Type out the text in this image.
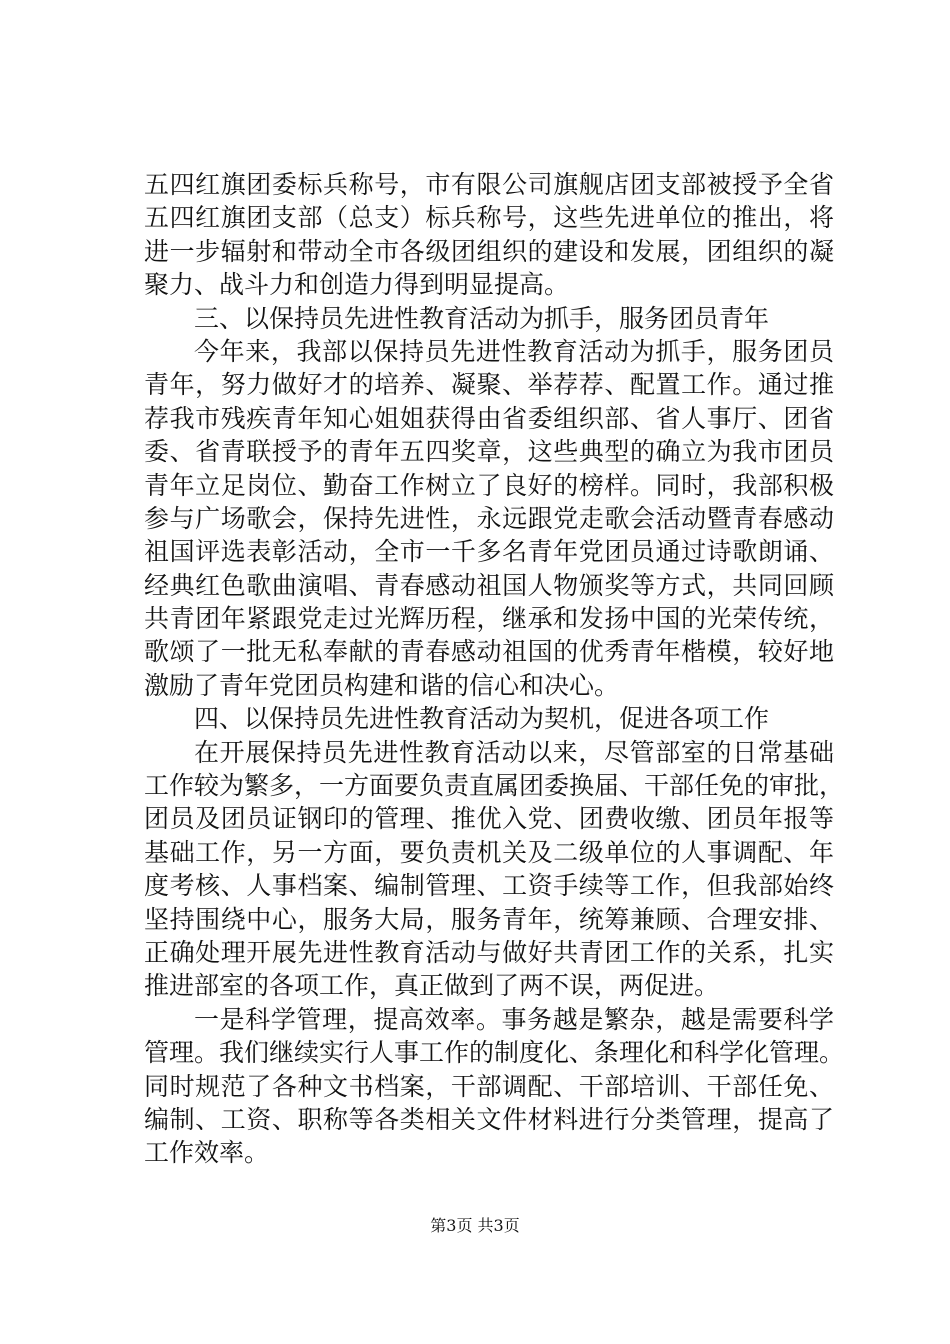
五四红旗团委标兵称号，市有限公司旗舰店团支部被授予全省
五四红旗团支部（总支）标兵称号，这些先进单位的推出，将
进一步辐射和带动全市各级团组织的建设和发展，团组织的凝
聚力、战斗力和创造力得到明显提高。
三、以保持员先进性教育活动为抓手，服务团员青年
今年来，我部以保持员先进性教育活动为抓手，服务团员
青年，努力做好才的培养、凝聚、举荐荐、配置工作。通过推
荐我市残疾青年知心姐姐获得由省委组织部、省人事厅、团省
委、省青联授予的青年五四奖章，这些典型的确立为我市团员
青年立足岗位、勤奋工作树立了良好的榜样。同时，我部积极
参与广场歌会，保持先进性，永远跟党走歌会活动暨青春感动
祖国评选表彰活动，全市一千多名青年党团员通过诗歌朗诵、
经典红色歌曲演唱、青春感动祖国人物颁奖等方式，共同回顾
共青团年紧跟党走过光辉历程，继承和发扬中国的光荣传统，
歌颂了一批无私奉献的青春感动祖国的优秀青年楷模，较好地
激励了青年党团员构建和谐的信心和决心。
四、以保持员先进性教育活动为契机，促进各项工作
在开展保持员先进性教育活动以来，尽管部室的日常基础
工作较为繁多，一方面要负责直属团委换届、干部任免的审批，
团员及团员证钢印的管理、推优入党、团费收缴、团员年报等
基础工作，另一方面，要负责机关及二级单位的人事调配、年
度考核、人事档案、编制管理、工资手续等工作，但我部始终
坚持围绕中心，服务大局，服务青年，统筹兼顾、合理安排、
正确处理开展先进性教育活动与做好共青团工作的关系，扎实
推进部室的各项工作，真正做到了两不误，两促进。
一是科学管理，提高效率。事务越是繁杂，越是需要科学
管理。我们继续实行人事工作的制度化、条理化和科学化管理。
同时规范了各种文书档案，干部调配、干部培训、干部任免、
编制、工资、职称等各类相关文件材料进行分类管理，提高了
工作效率。
第3页 共3页
